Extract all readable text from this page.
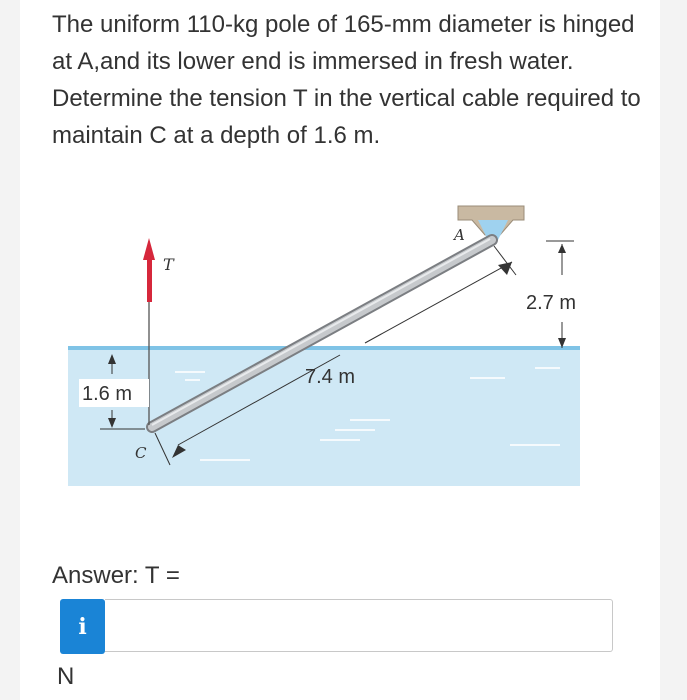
The uniform 110-kg pole of 165-mm diameter is hinged at A,and its lower end is immersed in fresh water. Determine the tension T in the vertical cable required to maintain C at a depth of 1.6 m.

T
A
C
2.7 m
7.4 m
1.6 m
Answer: T =
i
N
